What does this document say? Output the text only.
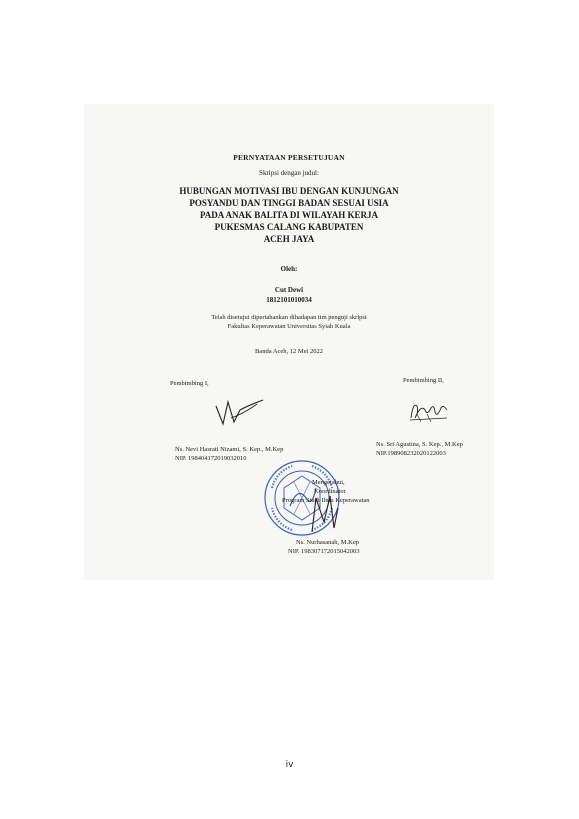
PERNYATAAN PERSETUJUAN
Skripsi dengan judul:
HUBUNGAN MOTIVASI IBU DENGAN KUNJUNGAN
POSYANDU DAN TINGGI BADAN SESUAI USIA
PADA ANAK BALITA DI WILAYAH KERJA
PUKESMAS CALANG KABUPATEN
ACEH JAYA
Oleh:
Cut Dewi
1812101010034
Telah disetujui dipertahankan dihadapan tim penguji skripsi
Fakultas Keperawatan Universitas Syiah Kuala
Banda Aceh, 12 Mei 2022
Pembimbing I,	Pembimbing II,
Ns. Nevi Hasrati Nizami, S. Kep., M.Kep
NIP. 198404172019032010
Ns. Sri Agustina, S. Kep., M.Kep
NIP.198908232020122003
Mengetahui,
Koordinator
Program Studi Ilmu Keperawatan
Ns. Nurhasanah, M.Kep
NIP. 198307172015042003
iv
